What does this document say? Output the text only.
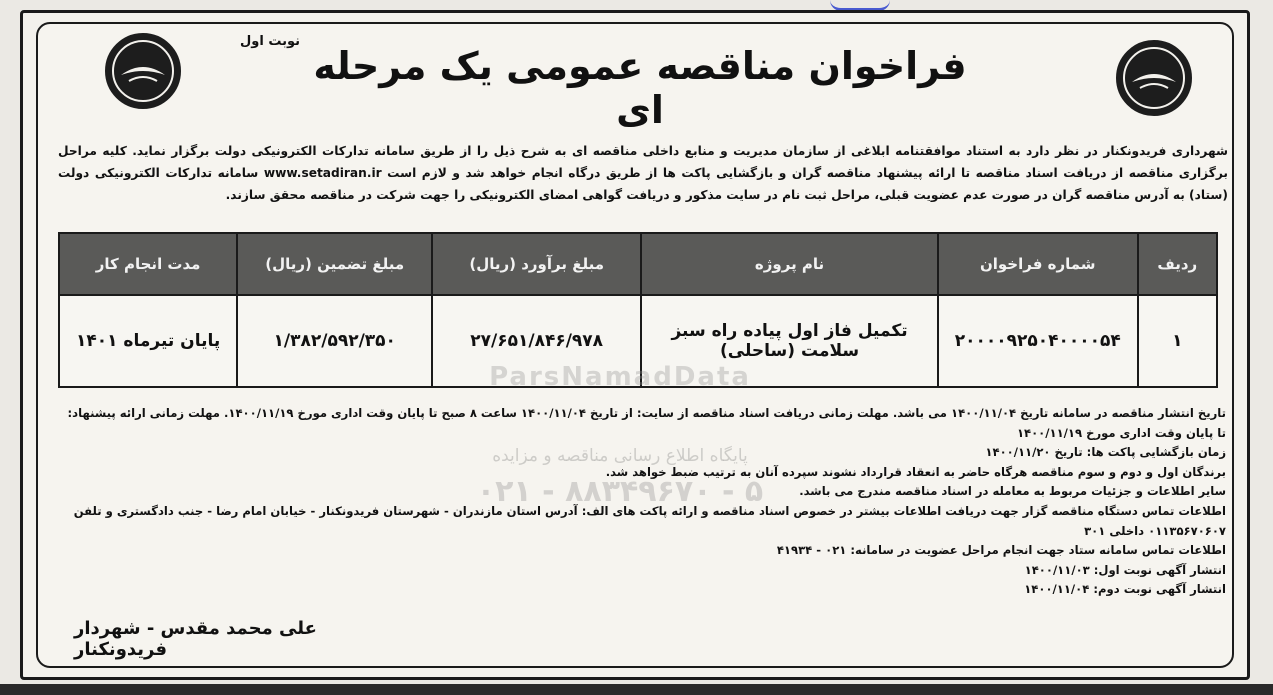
نوبت اول
فراخوان مناقصه عمومی یک مرحله ای
شهرداری فریدونکنار در نظر دارد به استناد موافقتنامه ابلاغی از سازمان مدیریت و منابع داخلی مناقصه ای به شرح ذیل را از طریق سامانه تدارکات الکترونیکی دولت برگزار نماید. کلیه مراحل برگزاری مناقصه از دریافت اسناد مناقصه تا ارائه پیشنهاد مناقصه گران و بازگشایی پاکت ها از طریق درگاه انجام خواهد شد و لازم است www.setadiran.ir سامانه تدارکات الکترونیکی دولت (ستاد) به آدرس مناقصه گران در صورت عدم عضویت قبلی، مراحل ثبت نام در سایت مذکور و دریافت گواهی امضای الکترونیکی را جهت شرکت در مناقصه محقق سازند.
ردیف	شماره فراخوان	نام پروژه	مبلغ برآورد (ریال)	مبلغ تضمین (ریال)	مدت انجام کار
۱	۲۰۰۰۰۹۲۵۰۴۰۰۰۰۵۴	تکمیل فاز اول پیاده راه سبز سلامت (ساحلی)	۲۷/۶۵۱/۸۴۶/۹۷۸	۱/۳۸۲/۵۹۲/۳۵۰	پایان تیرماه ۱۴۰۱
ParsNamadData
پایگاه اطلاع رسانی مناقصه و مزایده
۰۲۱ - ۸۸۳۴۹۶۷۰ - ۵
تاریخ انتشار مناقصه در سامانه تاریخ ۱۴۰۰/۱۱/۰۴ می باشد. مهلت زمانی دریافت اسناد مناقصه از سایت: از تاریخ ۱۴۰۰/۱۱/۰۴ ساعت ۸ صبح تا پایان وقت اداری مورخ ۱۴۰۰/۱۱/۱۹. مهلت زمانی ارائه پیشنهاد:
تا پایان وقت اداری مورخ ۱۴۰۰/۱۱/۱۹
زمان بازگشایی پاکت ها: تاریخ ۱۴۰۰/۱۱/۲۰
برندگان اول و دوم و سوم مناقصه هرگاه حاضر به انعقاد قرارداد نشوند سپرده آنان به ترتیب ضبط خواهد شد.
سایر اطلاعات و جزئیات مربوط به معامله در اسناد مناقصه مندرج می باشد.
اطلاعات تماس دستگاه مناقصه گزار جهت دریافت اطلاعات بیشتر در خصوص اسناد مناقصه و ارائه پاکت های الف: آدرس استان مازندران - شهرستان فریدونکنار - خیابان امام رضا - جنب دادگستری و تلفن
۰۱۱۳۵۶۷۰۶۰۷ داخلی ۳۰۱
اطلاعات تماس سامانه ستاد جهت انجام مراحل عضویت در سامانه: ۰۲۱ - ۴۱۹۳۴
انتشار آگهی نوبت اول: ۱۴۰۰/۱۱/۰۳
انتشار آگهی نوبت دوم: ۱۴۰۰/۱۱/۰۴
علی محمد مقدس - شهردار فریدونکنار
